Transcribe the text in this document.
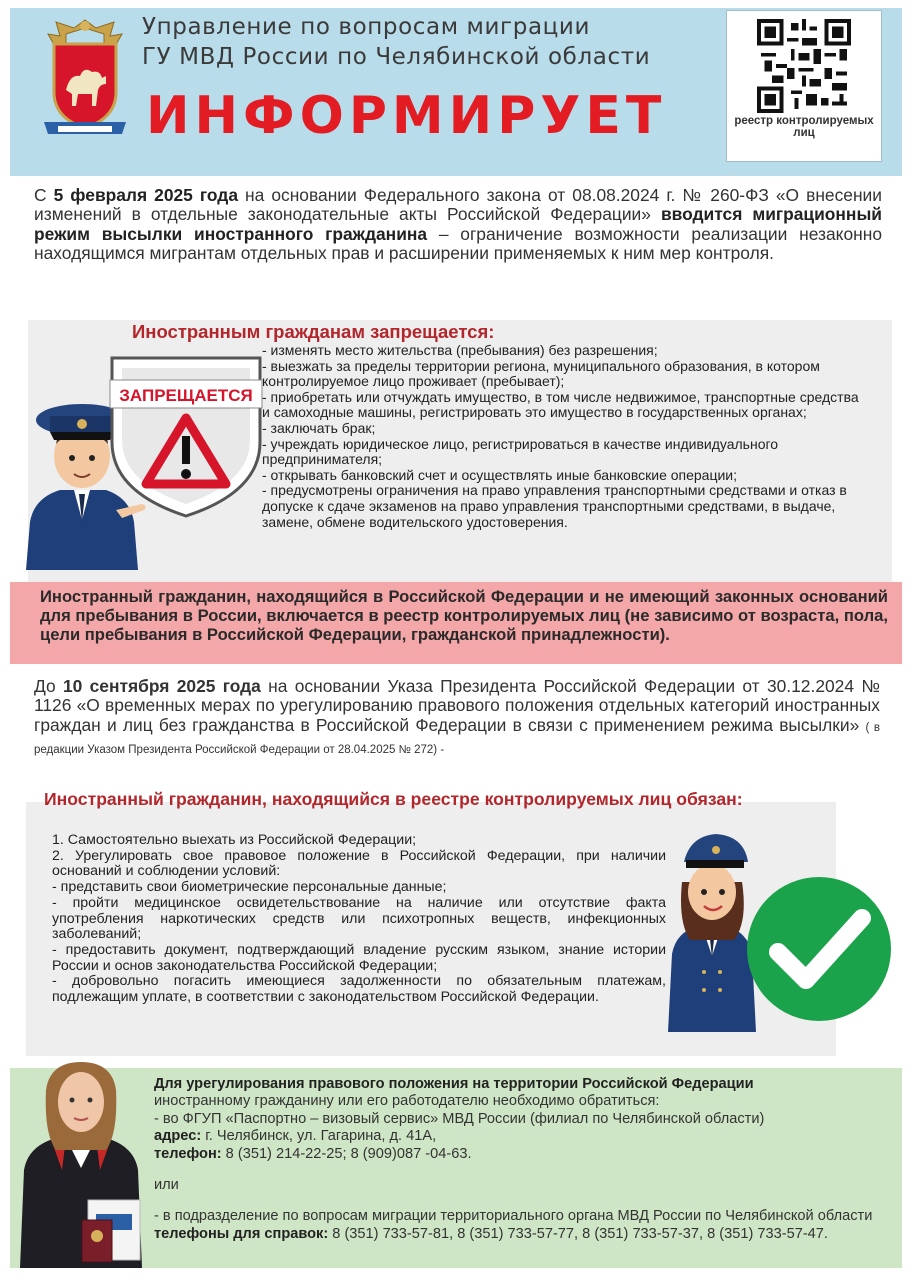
Управление по вопросам миграции
ГУ МВД России по Челябинской области
ИНФОРМИРУЕТ	реестр контролируемых лиц

С 5 февраля 2025 года на основании Федерального закона от 08.08.2024 г. № 260-ФЗ «О внесении изменений в отдельные законодательные акты Российской Федерации» вводится миграционный режим высылки иностранного гражданина – ограничение возможности реализации незаконно находящимся мигрантам отдельных прав и расширении применяемых к ним мер контроля.

Иностранным гражданам запрещается:
ЗАПРЕЩАЕТСЯ
- изменять место жительства (пребывания) без разрешения;
- выезжать за пределы территории региона, муниципального образования, в котором контролируемое лицо проживает (пребывает);
- приобретать или отчуждать имущество, в том числе недвижимое, транспортные средства и самоходные машины, регистрировать это имущество в государственных органах;
- заключать брак;
- учреждать юридическое лицо, регистрироваться в качестве индивидуального предпринимателя;
- открывать банковский счет и осуществлять иные банковские операции;
- предусмотрены ограничения на право управления транспортными средствами и отказ в допуске к сдаче экзаменов на право управления транспортными средствами, в выдаче, замене, обмене водительского удостоверения.

Иностранный гражданин, находящийся в Российской Федерации и не имеющий законных оснований для пребывания в России, включается в реестр контролируемых лиц (не зависимо от возраста, пола, цели пребывания в Российской Федерации, гражданской принадлежности).

До 10 сентября 2025 года на основании Указа Президента Российской Федерации от 30.12.2024 № 1126 «О временных мерах по урегулированию правового положения отдельных категорий иностранных граждан и лиц без гражданства в Российской Федерации в связи с применением режима высылки» ( в редакции Указом Президента Российской Федерации от 28.04.2025 № 272) -

Иностранный гражданин, находящийся в реестре контролируемых лиц обязан:
1. Самостоятельно выехать из Российской Федерации;
2. Урегулировать свое правовое положение в Российской Федерации, при наличии оснований и соблюдении условий:
- представить свои биометрические персональные данные;
- пройти медицинское освидетельствование на наличие или отсутствие факта употребления наркотических средств или психотропных веществ, инфекционных заболеваний;
- предоставить документ, подтверждающий владение русским языком, знание истории России и основ законодательства Российской Федерации;
- добровольно погасить имеющиеся задолженности по обязательным платежам, подлежащим уплате, в соответствии с законодательством Российской Федерации.
Для урегулирования правового положения на территории Российской Федерации
иностранному гражданину или его работодателю необходимо обратиться:
- во ФГУП «Паспортно – визовый сервис» МВД России (филиал по Челябинской области)
адрес: г. Челябинск, ул. Гагарина, д. 41А,
телефон: 8 (351) 214-22-25; 8 (909)087 -04-63.
или
- в подразделение по вопросам миграции территориального органа МВД России по Челябинской области
телефоны для справок: 8 (351) 733-57-81, 8 (351) 733-57-77, 8 (351) 733-57-37, 8 (351) 733-57-47.
